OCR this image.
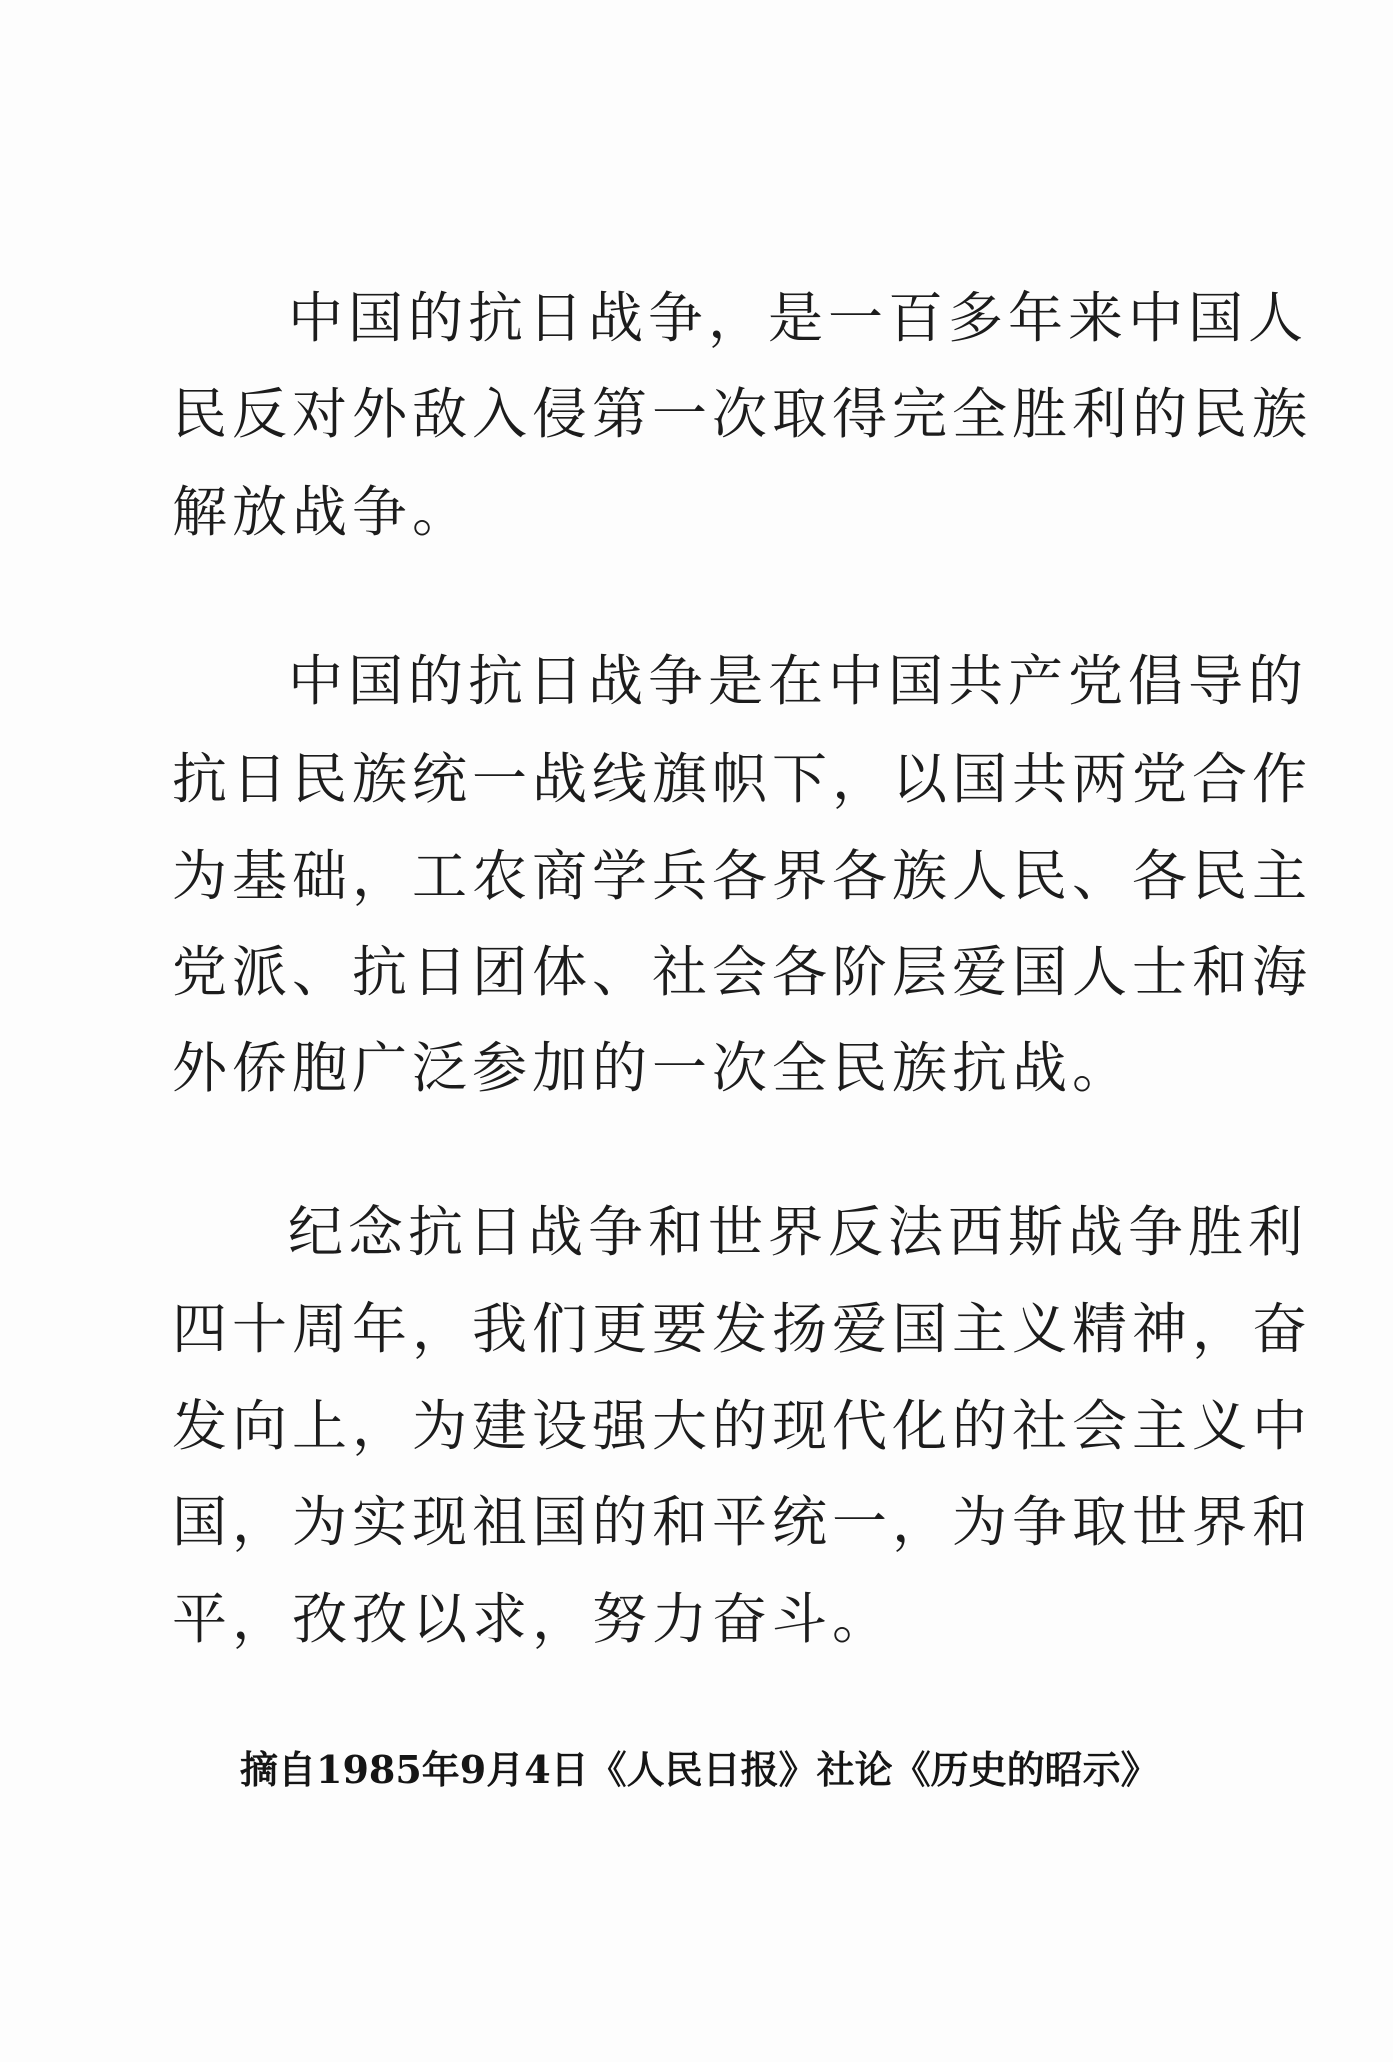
中国的抗日战争，是一百多年来中国人
民反对外敌入侵第一次取得完全胜利的民族
解放战争。
中国的抗日战争是在中国共产党倡导的
抗日民族统一战线旗帜下，以国共两党合作
为基础，工农商学兵各界各族人民、各民主
党派、抗日团体、社会各阶层爱国人士和海
外侨胞广泛参加的一次全民族抗战。
纪念抗日战争和世界反法西斯战争胜利
四十周年，我们更要发扬爱国主义精神，奋
发向上，为建设强大的现代化的社会主义中
国，为实现祖国的和平统一，为争取世界和
平，孜孜以求，努力奋斗。
摘自1985年9月4日《人民日报》社论《历史的昭示》
